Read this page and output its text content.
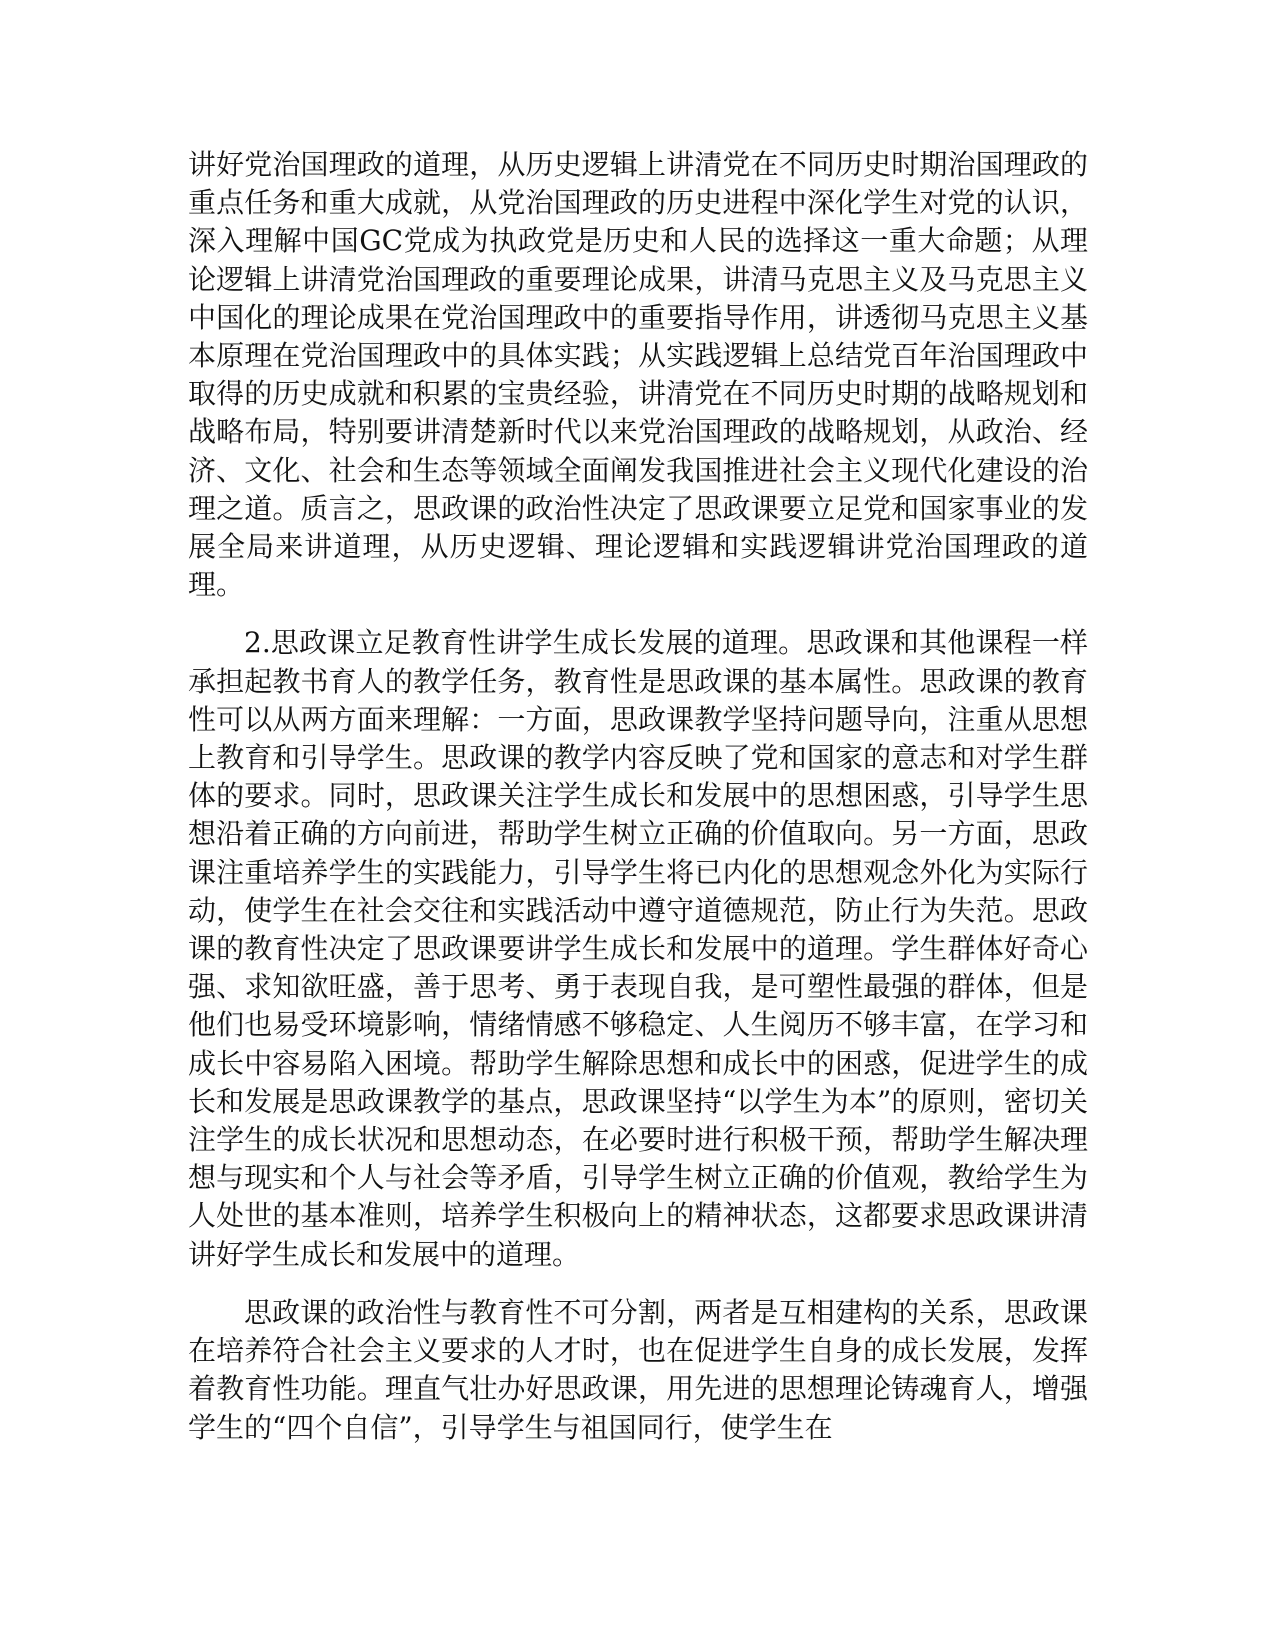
讲好党治国理政的道理，从历史逻辑上讲清党在不同历史时期治国理政的重点任务和重大成就，从党治国理政的历史进程中深化学生对党的认识，深入理解中国GC党成为执政党是历史和人民的选择这一重大命题；从理论逻辑上讲清党治国理政的重要理论成果，讲清马克思主义及马克思主义中国化的理论成果在党治国理政中的重要指导作用，讲透彻马克思主义基本原理在党治国理政中的具体实践；从实践逻辑上总结党百年治国理政中取得的历史成就和积累的宝贵经验，讲清党在不同历史时期的战略规划和战略布局，特别要讲清楚新时代以来党治国理政的战略规划，从政治、经济、文化、社会和生态等领域全面阐发我国推进社会主义现代化建设的治理之道。质言之，思政课的政治性决定了思政课要立足党和国家事业的发展全局来讲道理，从历史逻辑、理论逻辑和实践逻辑讲党治国理政的道理。

2.思政课立足教育性讲学生成长发展的道理。思政课和其他课程一样承担起教书育人的教学任务，教育性是思政课的基本属性。思政课的教育性可以从两方面来理解：一方面，思政课教学坚持问题导向，注重从思想上教育和引导学生。思政课的教学内容反映了党和国家的意志和对学生群体的要求。同时，思政课关注学生成长和发展中的思想困惑，引导学生思想沿着正确的方向前进，帮助学生树立正确的价值取向。另一方面，思政课注重培养学生的实践能力，引导学生将已内化的思想观念外化为实际行动，使学生在社会交往和实践活动中遵守道德规范，防止行为失范。思政课的教育性决定了思政课要讲学生成长和发展中的道理。学生群体好奇心强、求知欲旺盛，善于思考、勇于表现自我，是可塑性最强的群体，但是他们也易受环境影响，情绪情感不够稳定、人生阅历不够丰富，在学习和成长中容易陷入困境。帮助学生解除思想和成长中的困惑，促进学生的成长和发展是思政课教学的基点，思政课坚持“以学生为本”的原则，密切关注学生的成长状况和思想动态，在必要时进行积极干预，帮助学生解决理想与现实和个人与社会等矛盾，引导学生树立正确的价值观，教给学生为人处世的基本准则，培养学生积极向上的精神状态，这都要求思政课讲清讲好学生成长和发展中的道理。

思政课的政治性与教育性不可分割，两者是互相建构的关系，思政课在培养符合社会主义要求的人才时，也在促进学生自身的成长发展，发挥着教育性功能。理直气壮办好思政课，用先进的思想理论铸魂育人，增强学生的“四个自信”，引导学生与祖国同行，使学生在
